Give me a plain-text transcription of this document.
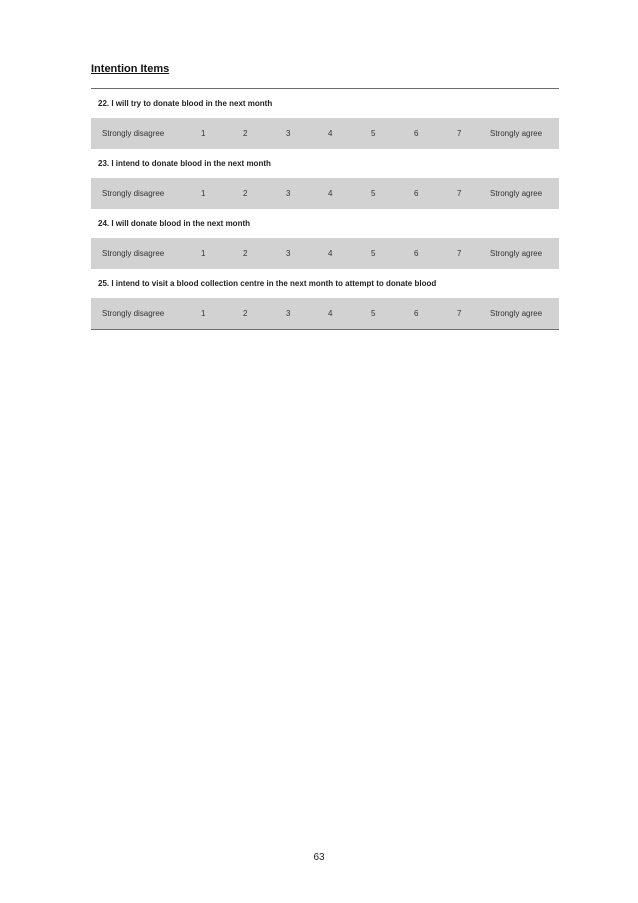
Intention Items
22. I will try to donate blood in the next month
Strongly disagree	1	2	3	4	5	6	7	Strongly agree
23. I intend to donate blood in the next month
Strongly disagree	1	2	3	4	5	6	7	Strongly agree
24. I will donate blood in the next month
Strongly disagree	1	2	3	4	5	6	7	Strongly agree
25. I intend to visit a blood collection centre in the next month to attempt to donate blood
Strongly disagree	1	2	3	4	5	6	7	Strongly agree
63
